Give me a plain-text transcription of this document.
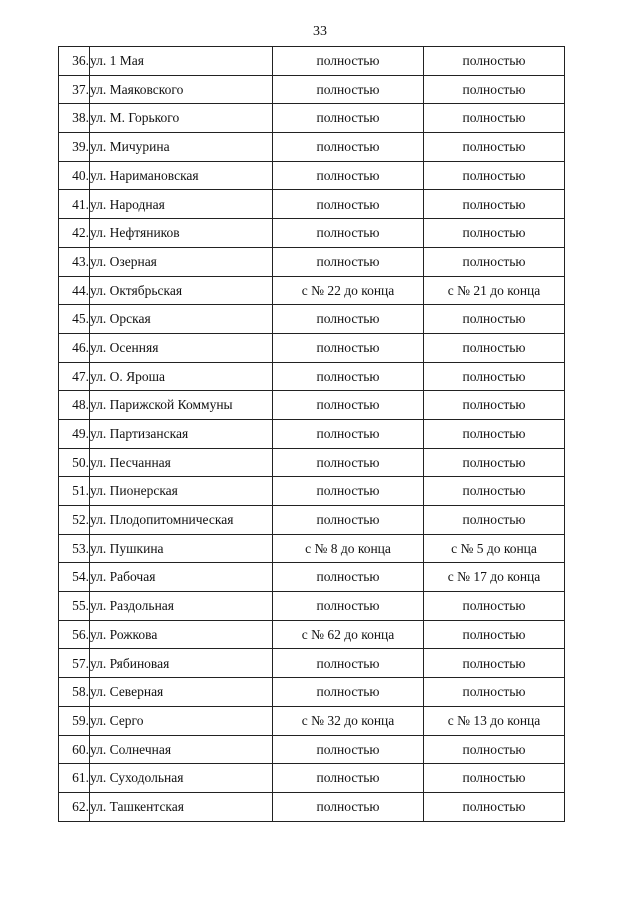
33
36.	ул. 1 Мая	полностью	полностью
37.	ул. Маяковского	полностью	полностью
38.	ул. М. Горького	полностью	полностью
39.	ул. Мичурина	полностью	полностью
40.	ул. Наримановская	полностью	полностью
41.	ул. Народная	полностью	полностью
42.	ул. Нефтяников	полностью	полностью
43.	ул. Озерная	полностью	полностью
44.	ул. Октябрьская	с № 22 до конца	с № 21 до конца
45.	ул. Орская	полностью	полностью
46.	ул. Осенняя	полностью	полностью
47.	ул. О. Яроша	полностью	полностью
48.	ул. Парижской Коммуны	полностью	полностью
49.	ул. Партизанская	полностью	полностью
50.	ул. Песчанная	полностью	полностью
51.	ул. Пионерская	полностью	полностью
52.	ул. Плодопитомническая	полностью	полностью
53.	ул. Пушкина	с № 8 до конца	с № 5 до конца
54.	ул. Рабочая	полностью	с № 17 до конца
55.	ул. Раздольная	полностью	полностью
56.	ул. Рожкова	с № 62 до конца	полностью
57.	ул. Рябиновая	полностью	полностью
58.	ул. Северная	полностью	полностью
59.	ул. Серго	с № 32 до конца	с № 13 до конца
60.	ул. Солнечная	полностью	полностью
61.	ул. Суходольная	полностью	полностью
62.	ул. Ташкентская	полностью	полностью
